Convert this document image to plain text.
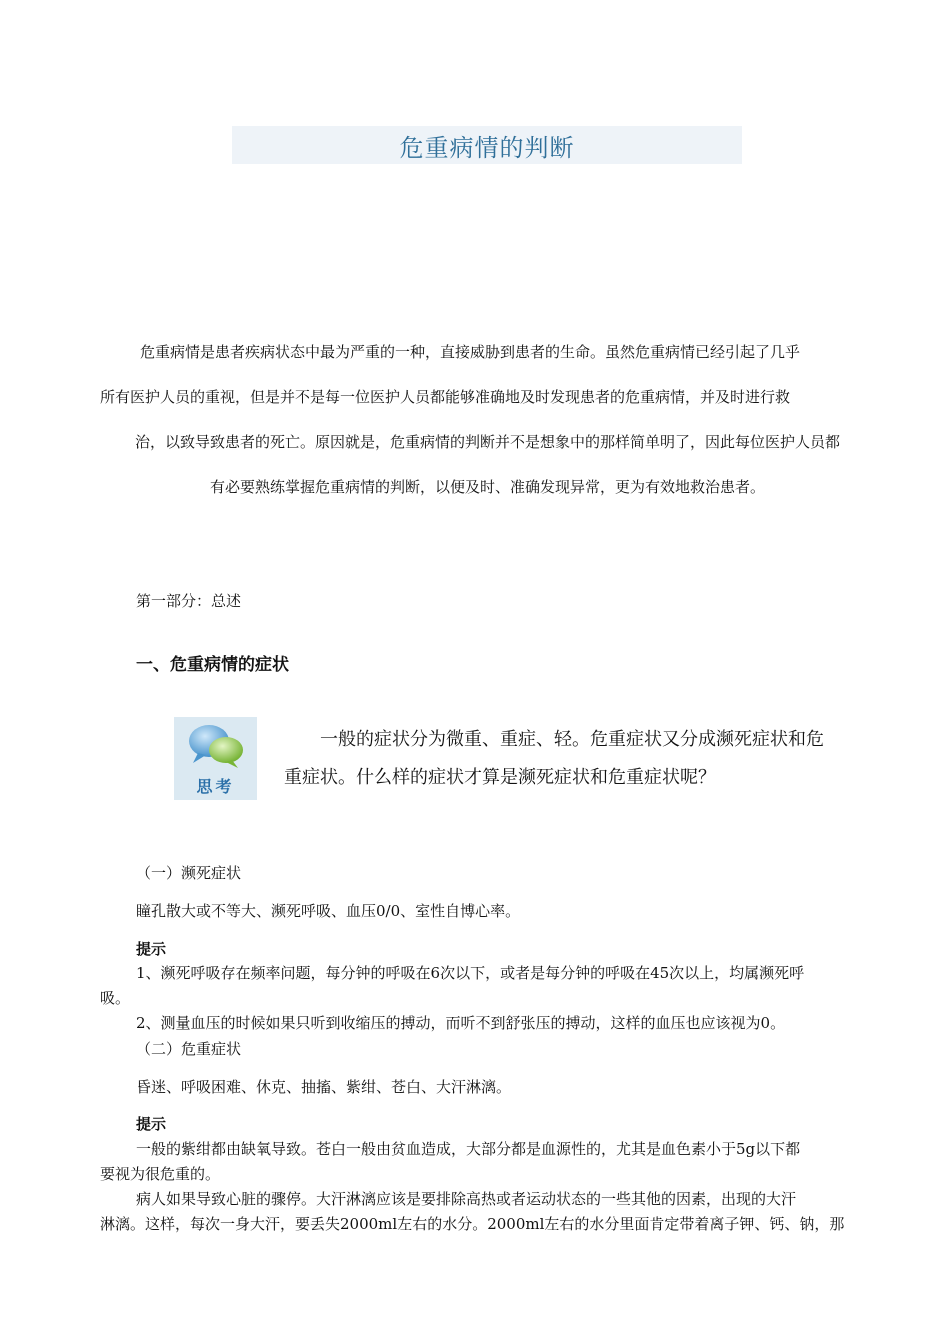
危重病情的判断
危重病情是患者疾病状态中最为严重的一种，直接威胁到患者的生命。虽然危重病情已经引起了几乎
所有医护人员的重视，但是并不是每一位医护人员都能够准确地及时发现患者的危重病情，并及时进行救
治，以致导致患者的死亡。原因就是，危重病情的判断并不是想象中的那样简单明了，因此每位医护人员都
有必要熟练掌握危重病情的判断，以便及时、准确发现异常，更为有效地救治患者。
第一部分：总述
一、危重病情的症状
思考
一般的症状分为微重、重症、轻。危重症状又分成濒死症状和危
重症状。什么样的症状才算是濒死症状和危重症状呢？
（一）濒死症状
瞳孔散大或不等大、濒死呼吸、血压0/0、室性自博心率。
提示
1、濒死呼吸存在频率问题，每分钟的呼吸在6次以下，或者是每分钟的呼吸在45次以上，均属濒死呼
吸。
2、测量血压的时候如果只听到收缩压的搏动，而听不到舒张压的搏动，这样的血压也应该视为0。
（二）危重症状
昏迷、呼吸困难、休克、抽搐、紫绀、苍白、大汗淋漓。
提示
一般的紫绀都由缺氧导致。苍白一般由贫血造成，大部分都是血源性的，尤其是血色素小于5g以下都
要视为很危重的。
病人如果导致心脏的骤停。大汗淋漓应该是要排除高热或者运动状态的一些其他的因素，出现的大汗
淋漓。这样，每次一身大汗，要丢失2000ml左右的水分。2000ml左右的水分里面肯定带着离子钾、钙、钠，那
